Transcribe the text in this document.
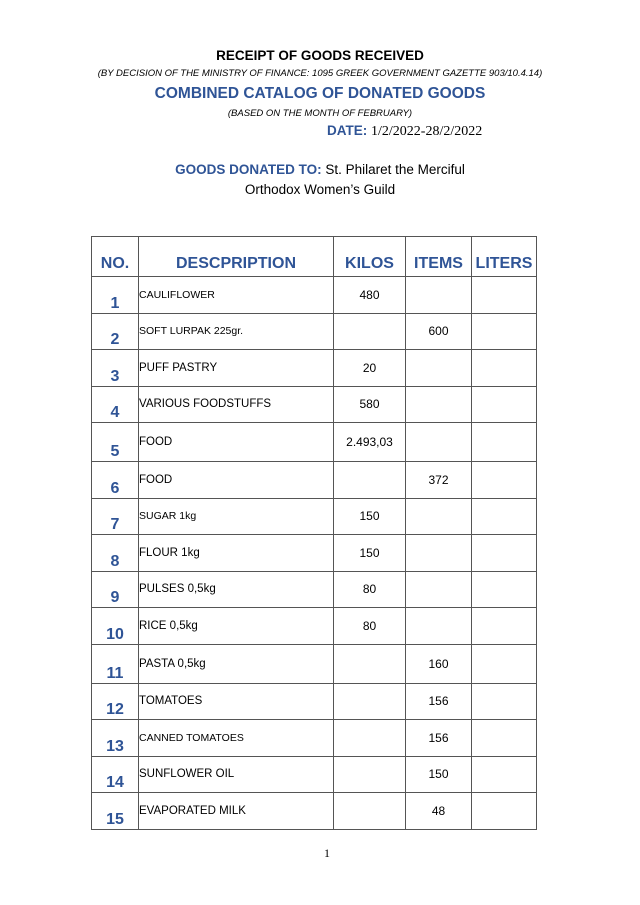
RECEIPT OF GOODS RECEIVED
(BY DECISION OF THE MINISTRY OF FINANCE: 1095 GREEK GOVERNMENT GAZETTE 903/10.4.14)
COMBINED CATALOG OF DONATED GOODS
(BASED ON THE MONTH OF FEBRUARY)
DATE: 1/2/2022-28/2/2022
GOODS DONATED TO: St. Philaret the Merciful
Orthodox Women’s Guild
NO.	DESCPRIPTION	KILOS	ITEMS	LITERS
1	CAULIFLOWER	480		
2	SOFT LURPAK 225gr.		600	
3	PUFF PASTRY	20		
4	VARIOUS FOODSTUFFS	580		
5	FOOD	2.493,03		
6	FOOD		372	
7	SUGAR 1kg	150		
8	FLOUR 1kg	150		
9	PULSES 0,5kg	80		
10	RICE 0,5kg	80		
11	PASTA 0,5kg		160	
12	TOMATOES		156	
13	CANNED TOMATOES		156	
14	SUNFLOWER OIL		150	
15	EVAPORATED MILK		48	
1
